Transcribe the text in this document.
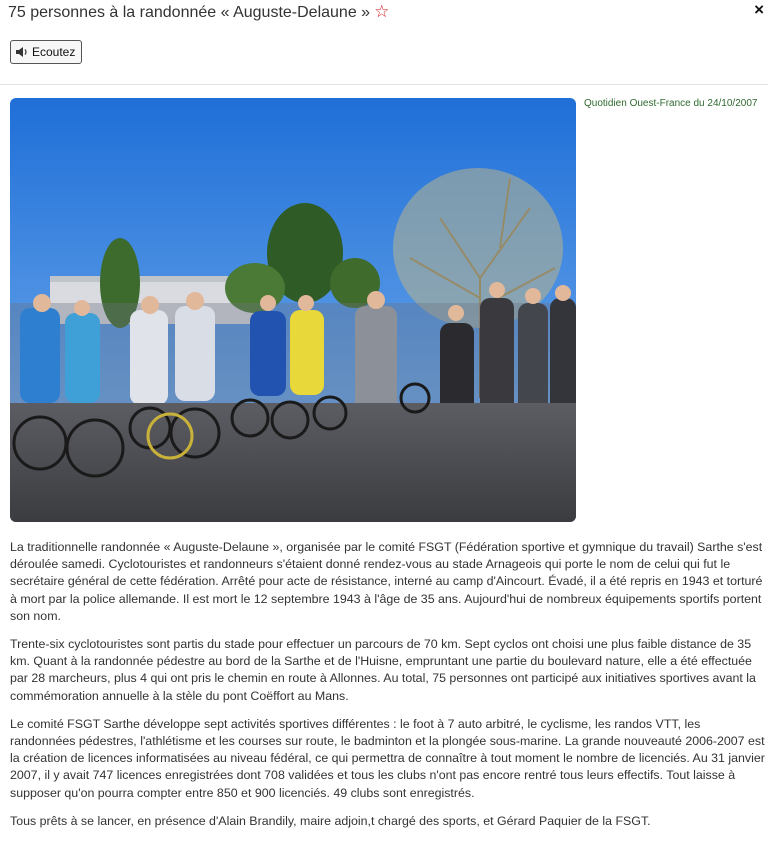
75 personnes à la randonnée « Auguste-Delaune » ☆	×
Ecoutez
Quotidien Ouest-France du 24/10/2007

La traditionnelle randonnée « Auguste-Delaune », organisée par le comité FSGT (Fédération sportive et gymnique du travail) Sarthe s'est déroulée samedi. Cyclotouristes et randonneurs s'étaient donné rendez-vous au stade Arnageois qui porte le nom de celui qui fut le secrétaire général de cette fédération. Arrêté pour acte de résistance, interné au camp d'Aincourt. Évadé, il a été repris en 1943 et torturé à mort par la police allemande. Il est mort le 12 septembre 1943 à l'âge de 35 ans. Aujourd'hui de nombreux équipements sportifs portent son nom.

Trente-six cyclotouristes sont partis du stade pour effectuer un parcours de 70 km. Sept cyclos ont choisi une plus faible distance de 35 km. Quant à la randonnée pédestre au bord de la Sarthe et de l'Huisne, empruntant une partie du boulevard nature, elle a été effectuée par 28 marcheurs, plus 4 qui ont pris le chemin en route à Allonnes. Au total, 75 personnes ont participé aux initiatives sportives avant la commémoration annuelle à la stèle du pont Coëffort au Mans.

Le comité FSGT Sarthe développe sept activités sportives différentes : le foot à 7 auto arbitré, le cyclisme, les randos VTT, les randonnées pédestres, l'athlétisme et les courses sur route, le badminton et la plongée sous-marine. La grande nouveauté 2006-2007 est la création de licences informatisées au niveau fédéral, ce qui permettra de connaître à tout moment le nombre de licenciés. Au 31 janvier 2007, il y avait 747 licences enregistrées dont 708 validées et tous les clubs n'ont pas encore rentré tous leurs effectifs. Tout laisse à supposer qu'on pourra compter entre 850 et 900 licenciés. 49 clubs sont enregistrés.

Tous prêts à se lancer, en présence d'Alain Brandily, maire adjoin,t chargé des sports, et Gérard Paquier de la FSGT.
